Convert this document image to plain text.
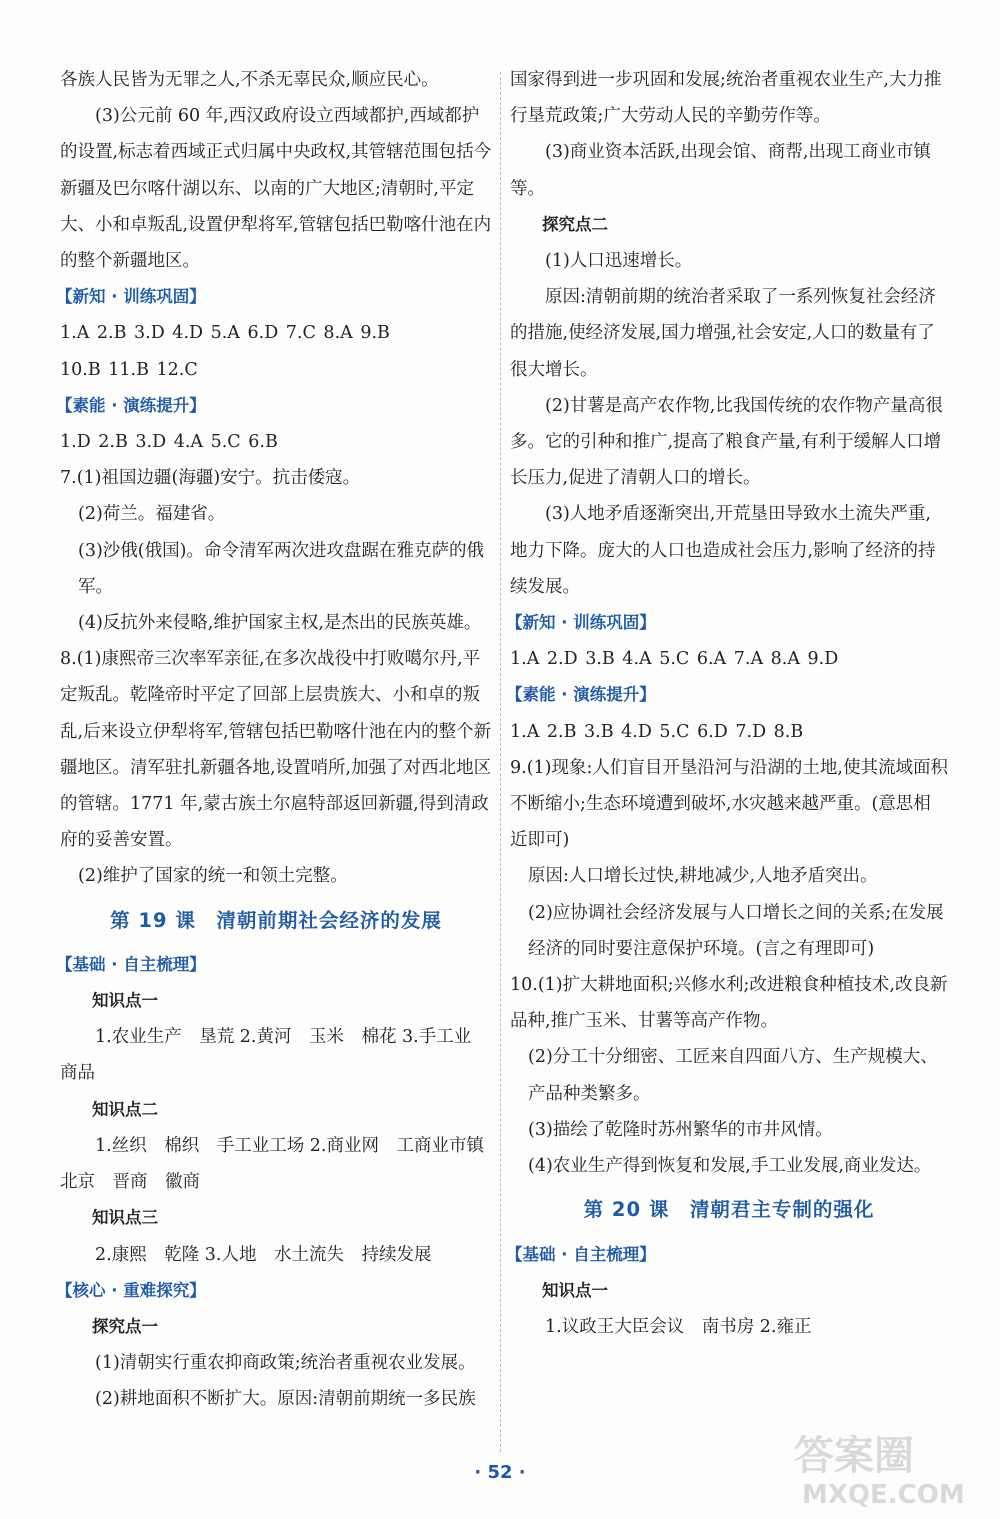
各族人民皆为无罪之人,不杀无辜民众,顺应民心。

(3)公元前 60 年,西汉政府设立西域都护,西域都护的设置,标志着西域正式归属中央政权,其管辖范围包括今新疆及巴尔喀什湖以东、以南的广大地区;清朝时,平定大、小和卓叛乱,设置伊犁将军,管辖包括巴勒喀什池在内的整个新疆地区。

【新知 · 训练巩固】

1.A 2.B 3.D 4.D 5.A 6.D 7.C 8.A 9.B

10.B 11.B 12.C

【素能 · 演练提升】

1.D 2.B 3.D 4.A 5.C 6.B

7.(1)祖国边疆(海疆)安宁。抗击倭寇。

(2)荷兰。福建省。

(3)沙俄(俄国)。命令清军两次进攻盘踞在雅克萨的俄军。

(4)反抗外来侵略,维护国家主权,是杰出的民族英雄。

8.(1)康熙帝三次率军亲征,在多次战役中打败噶尔丹,平定叛乱。乾隆帝时平定了回部上层贵族大、小和卓的叛乱,后来设立伊犁将军,管辖包括巴勒喀什池在内的整个新疆地区。清军驻扎新疆各地,设置哨所,加强了对西北地区的管辖。1771 年,蒙古族土尔扈特部返回新疆,得到清政府的妥善安置。

(2)维护了国家的统一和领土完整。

第 19 课　清朝前期社会经济的发展

【基础 · 自主梳理】

知识点一

1.农业生产　垦荒 2.黄河　玉米　棉花 3.手工业　商品

知识点二

1.丝织　棉织　手工业工场 2.商业网　工商业市镇　北京　晋商　徽商

知识点三

2.康熙　乾隆 3.人地　水土流失　持续发展

【核心 · 重难探究】

探究点一

(1)清朝实行重农抑商政策;统治者重视农业发展。

(2)耕地面积不断扩大。原因:清朝前期统一多民族

国家得到进一步巩固和发展;统治者重视农业生产,大力推行垦荒政策;广大劳动人民的辛勤劳作等。

(3)商业资本活跃,出现会馆、商帮,出现工商业市镇等。

探究点二

(1)人口迅速增长。

原因:清朝前期的统治者采取了一系列恢复社会经济的措施,使经济发展,国力增强,社会安定,人口的数量有了很大增长。

(2)甘薯是高产农作物,比我国传统的农作物产量高很多。它的引种和推广,提高了粮食产量,有利于缓解人口增长压力,促进了清朝人口的增长。

(3)人地矛盾逐渐突出,开荒垦田导致水土流失严重,地力下降。庞大的人口也造成社会压力,影响了经济的持续发展。

【新知 · 训练巩固】

1.A 2.D 3.B 4.A 5.C 6.A 7.A 8.A 9.D

【素能 · 演练提升】

1.A 2.B 3.B 4.D 5.C 6.D 7.D 8.B

9.(1)现象:人们盲目开垦沿河与沿湖的土地,使其流域面积不断缩小;生态环境遭到破坏,水灾越来越严重。(意思相近即可)

原因:人口增长过快,耕地减少,人地矛盾突出。

(2)应协调社会经济发展与人口增长之间的关系;在发展经济的同时要注意保护环境。(言之有理即可)

10.(1)扩大耕地面积;兴修水利;改进粮食种植技术,改良新品种,推广玉米、甘薯等高产作物。

(2)分工十分细密、工匠来自四面八方、生产规模大、产品种类繁多。

(3)描绘了乾隆时苏州繁华的市井风情。

(4)农业生产得到恢复和发展,手工业发展,商业发达。

第 20 课　清朝君主专制的强化

【基础 · 自主梳理】

知识点一

1.议政王大臣会议　南书房 2.雍正

· 52 ·	答案圈
MXQE.COM
